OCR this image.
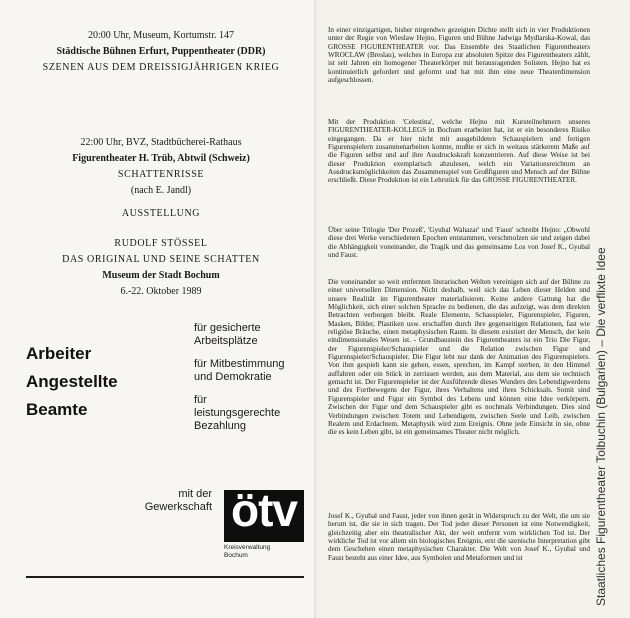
20:00 Uhr, Museum, Kortumstr. 147
Städtische Bühnen Erfurt, Puppentheater (DDR)
SZENEN AUS DEM DREISSIGJÄHRIGEN KRIEG
22:00 Uhr, BVZ, Stadtbücherei-Rathaus
Figurentheater H. Trüb, Abtwil (Schweiz)
SCHATTENRISSE
(nach E. Jandl)
AUSSTELLUNG
RUDOLF STÖSSEL
DAS ORIGINAL UND SEINE SCHATTEN
Museum der Stadt Bochum
6.-22. Oktober 1989
Arbeiter
Angestellte
Beamte
für gesicherte Arbeitsplätze
für Mitbestimmung und Demokratie
für leistungsgerechte Bezahlung
mit der Gewerkschaft ötv
Kreisverwaltung
Bochum

In einer einzigartigen, bisher nirgendwo gezeigten Dichte stellt sich in vier Produktionen unter der Regie von Wieslaw Hejno, Figuren und Bühne Jadwiga Mydlarska-Kowal, das GROSSE FIGURENTHEATER vor. Das Ensemble des Staatlichen Figurentheaters WROCLAW (Breslau), welches in Europa zur absoluten Spitze des Figurentheaters zählt, ist seit Jahren ein homogener Theaterkörper mit herausragenden Solisten. Hejno hat es kontinuierlich gefordert und geformt und hat mit ihm eine neue Theaterdimension aufgeschlossen.

Mit der Produktion 'Celestina', welche Hejno mit Kursteilnehmern unseres FIGURENTHEATER-KOLLEGS in Bochum erarbeitet hat, ist er ein besonderes Risiko eingegangen. Da er hier nicht mit ausgebildeten Schauspielern und fertigen Figurenspielern zusammenarbeiten konnte, mußte er sich in weitaus stärkerem Maße auf die Figuren selbst und auf ihre Ausdruckskraft konzentrieren. Auf diese Weise ist bei dieser Produktion exemplarisch abzulesen, welch ein Variationsreichtum an Ausdrucksmöglichkeiten das Zusammenspiel von Großfiguren und Mensch auf der Bühne erschließt. Diese Produktion ist ein Lehrstück für das GROSSE FIGURENTHEATER.

Über seine Trilogie 'Der Prozeß', 'Gyubal Wahazar' und 'Faust' schreibt Hejno: „Obwohl diese drei Werke verschiedenen Epochen entstammen, verschmolzen sie und zeigen dabei die Abhängigkeit voneinander, die Tragik und das gemeinsame Los von Josef K., Gyubal und Faust.

Die voneinander so weit entfernten literarischen Welten vereinigen sich auf der Bühne zu einer universellen Dimension. Nicht deshalb, weil sich das Leben dieser Helden und unsere Realität im Figurentheater materialisieren. Keine andere Gattung hat die Möglichkeit, sich einer solchen Sprache zu bedienen, die das aufzeigt, was dem direkten Betrachten verborgen bleibt. Reale Elemente, Schauspieler, Figurenspieler, Figuren, Masken, Bilder, Plastiken usw. erschaffen durch ihre gegenseitigen Relationen, fast wie religiöse Bräuche, einen metaphysischen Raum. In diesem existiert der Mensch, der kein eindimensionales Wesen ist. - Grundbaustein des Figurentheaters ist ein Trio Die Figur, der Figurenspieler/Schauspieler und die Relation zwischen Figur und Figurenspieler/Schauspieler. Die Figur lebt nur dank der Animation des Figurenspielers. Von ihm gespielt kann sie gehen, essen, sprechen, im Kampf sterben, in den Himmel auffahren oder ein Stück in zerrissen werden, aus dem Material, aus dem sie technisch gemacht ist. Der Figurenspieler ist der Ausführende dieses Wunders des Lebendigwerdens und des Fortbewegens der Figur, ihres Verhaltens und ihres Schicksals. Somit sind Figurenspieler und Figur ein Symbol des Lebens und können eine Idee verkörpern. Zwischen der Figur und dem Schauspieler gibt es nochmals Verbindungen. Dies sind Verbindungen zwischen Totem und Lebendigem, zwischen Seele und Leib, zwischen Realem und Erdachtem. Metaphysik wird zum Ereignis. Ohne jede Einsicht in sie, ohne die es kein Leben gibt, ist ein gemeinsames Theater nicht möglich.

Josef K., Gyubal und Faust, jeder von ihnen gerät in Widerspruch zu der Welt, die um sie herum ist, die sie in sich tragen. Der Tod jeder dieser Personen ist eine Notwendigkeit, gleichzeitig aber ein theatralischer Akt, der weit entfernt vom wirklichen Tod ist. Der wirkliche Tod ist vor allem ein biologisches Ereignis, erst die szenische Interpretation gibt dem Geschehen einen metaphysischen Charakter. Die Welt von Josef K., Gyubal und Faust besteht aus einer Idee, aus Symbolen und Metaformen und ist	Staatliches Figurentheater Tolbuchin (Bulgarien) – Die verflixte Idee
